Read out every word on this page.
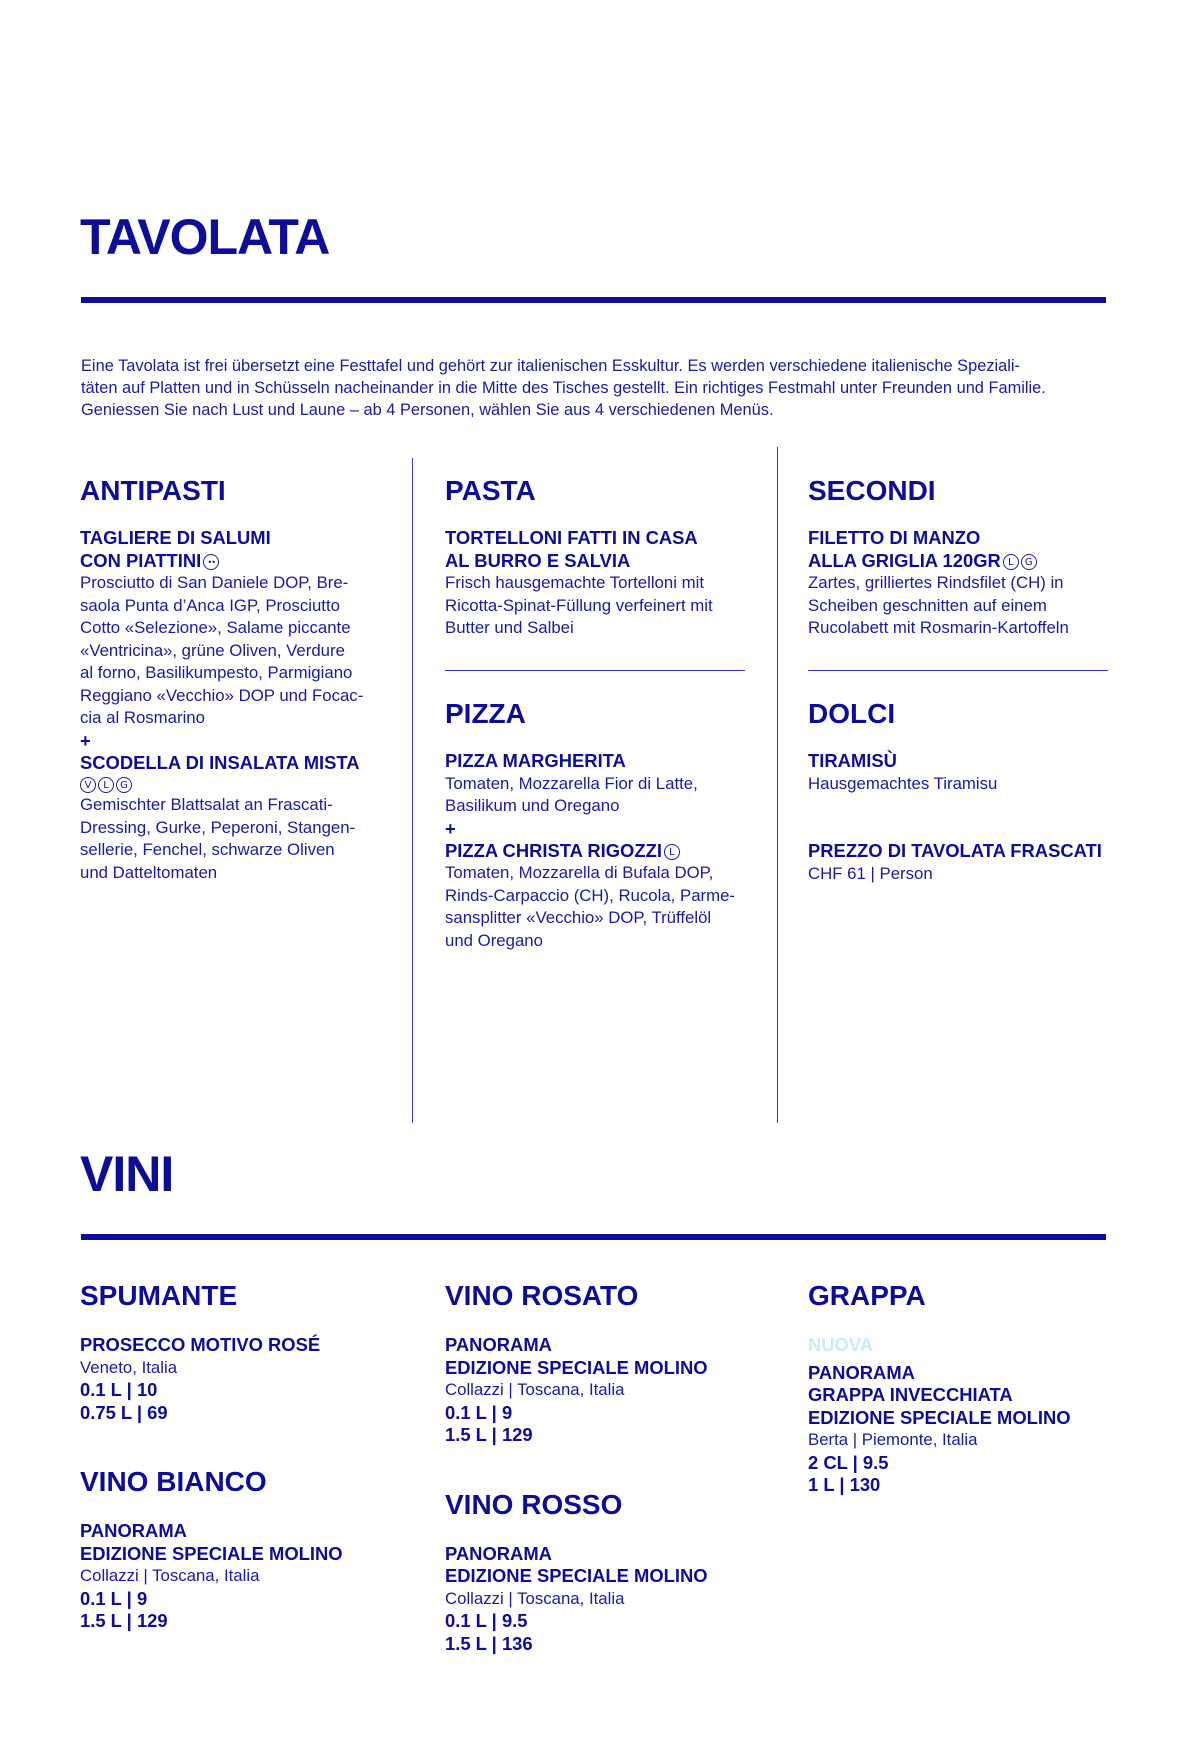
TAVOLATA
Eine Tavolata ist frei übersetzt eine Festtafel und gehört zur italienischen Esskultur. Es werden verschiedene italienische Speziali-
täten auf Platten und in Schüsseln nacheinander in die Mitte des Tisches gestellt. Ein richtiges Festmahl unter Freunden und Familie.
Geniessen Sie nach Lust und Laune – ab 4 Personen, wählen Sie aus 4 verschiedenen Menüs.
ANTIPASTI
TAGLIERE DI SALUMI
CON PIATTINI ••
Prosciutto di San Daniele DOP, Bre-
saola Punta d’Anca IGP, Prosciutto
Cotto «Selezione», Salame piccante
«Ventricina», grüne Oliven, Verdure
al forno, Basilikumpesto, Parmigiano
Reggiano «Vecchio» DOP und Focac-
cia al Rosmarino
+
SCODELLA DI INSALATA MISTA
V L G
Gemischter Blattsalat an Frascati-
Dressing, Gurke, Peperoni, Stangen-
sellerie, Fenchel, schwarze Oliven
und Datteltomaten
PASTA
TORTELLONI FATTI IN CASA
AL BURRO E SALVIA
Frisch hausgemachte Tortelloni mit
Ricotta-Spinat-Füllung verfeinert mit
Butter und Salbei
PIZZA
PIZZA MARGHERITA
Tomaten, Mozzarella Fior di Latte,
Basilikum und Oregano
+
PIZZA CHRISTA RIGOZZI L
Tomaten, Mozzarella di Bufala DOP,
Rinds-Carpaccio (CH), Rucola, Parme-
sansplitter «Vecchio» DOP, Trüffelöl
und Oregano
SECONDI
FILETTO DI MANZO
ALLA GRIGLIA 120GR L G
Zartes, grilliertes Rindsfilet (CH) in
Scheiben geschnitten auf einem
Rucolabett mit Rosmarin-Kartoffeln
DOLCI
TIRAMISÙ
Hausgemachtes Tiramisu
PREZZO DI TAVOLATA FRASCATI
CHF 61 | Person
VINI
SPUMANTE
PROSECCO MOTIVO ROSÉ
Veneto, Italia
0.1 L | 10
0.75 L | 69
VINO BIANCO
PANORAMA
EDIZIONE SPECIALE MOLINO
Collazzi | Toscana, Italia
0.1 L | 9
1.5 L | 129
VINO ROSATO
PANORAMA
EDIZIONE SPECIALE MOLINO
Collazzi | Toscana, Italia
0.1 L | 9
1.5 L | 129
VINO ROSSO
PANORAMA
EDIZIONE SPECIALE MOLINO
Collazzi | Toscana, Italia
0.1 L | 9.5
1.5 L | 136
GRAPPA
NUOVA
PANORAMA
GRAPPA INVECCHIATA
EDIZIONE SPECIALE MOLINO
Berta | Piemonte, Italia
2 CL | 9.5
1 L | 130
